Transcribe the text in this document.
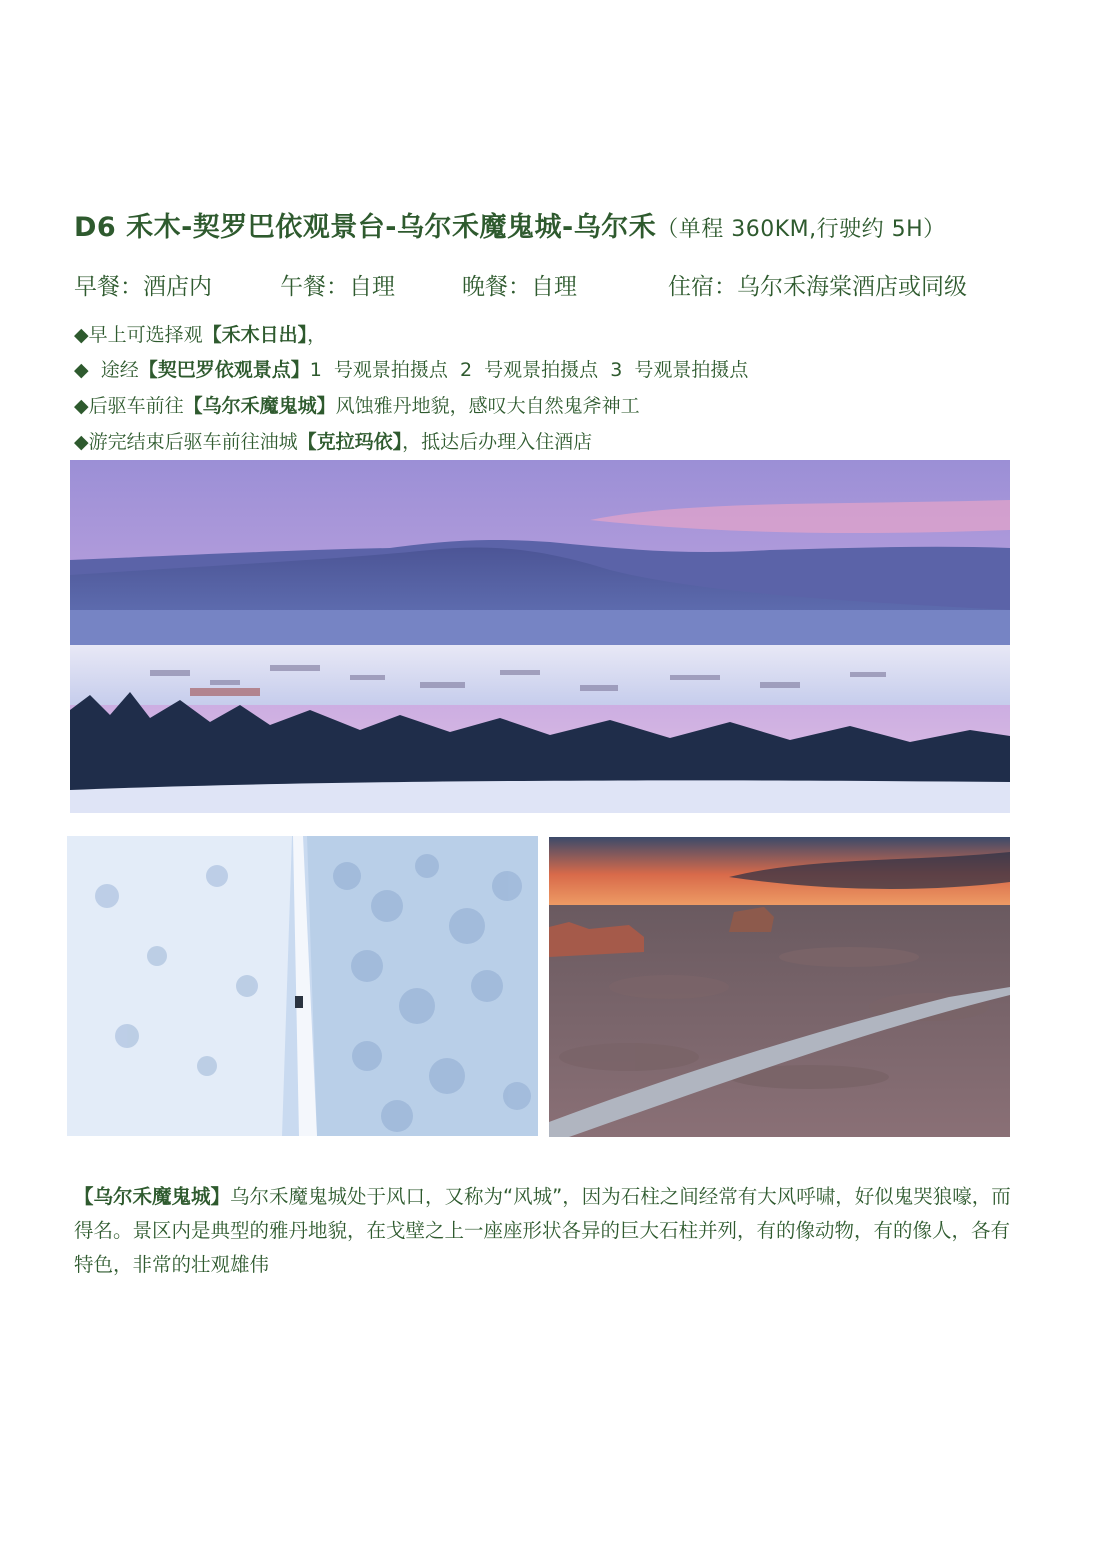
D6 禾木-契罗巴依观景台-乌尔禾魔鬼城-乌尔禾（单程 360KM,行驶约 5H）
早餐：酒店内	午餐：自理	晚餐：自理	住宿：乌尔禾海棠酒店或同级
◆早上可选择观【禾木日出】，
◆  途经【契巴罗依观景点】1  号观景拍摄点  2  号观景拍摄点  3  号观景拍摄点
◆后驱车前往【乌尔禾魔鬼城】风蚀雅丹地貌，感叹大自然鬼斧神工
◆游完结束后驱车前往油城【克拉玛依】，抵达后办理入住酒店
【乌尔禾魔鬼城】乌尔禾魔鬼城处于风口，又称为“风城”，因为石柱之间经常有大风呼啸，好似鬼哭狼嚎，而得名。景区内是典型的雅丹地貌，在戈壁之上一座座形状各异的巨大石柱并列，有的像动物，有的像人，各有特色，非常的壮观雄伟
